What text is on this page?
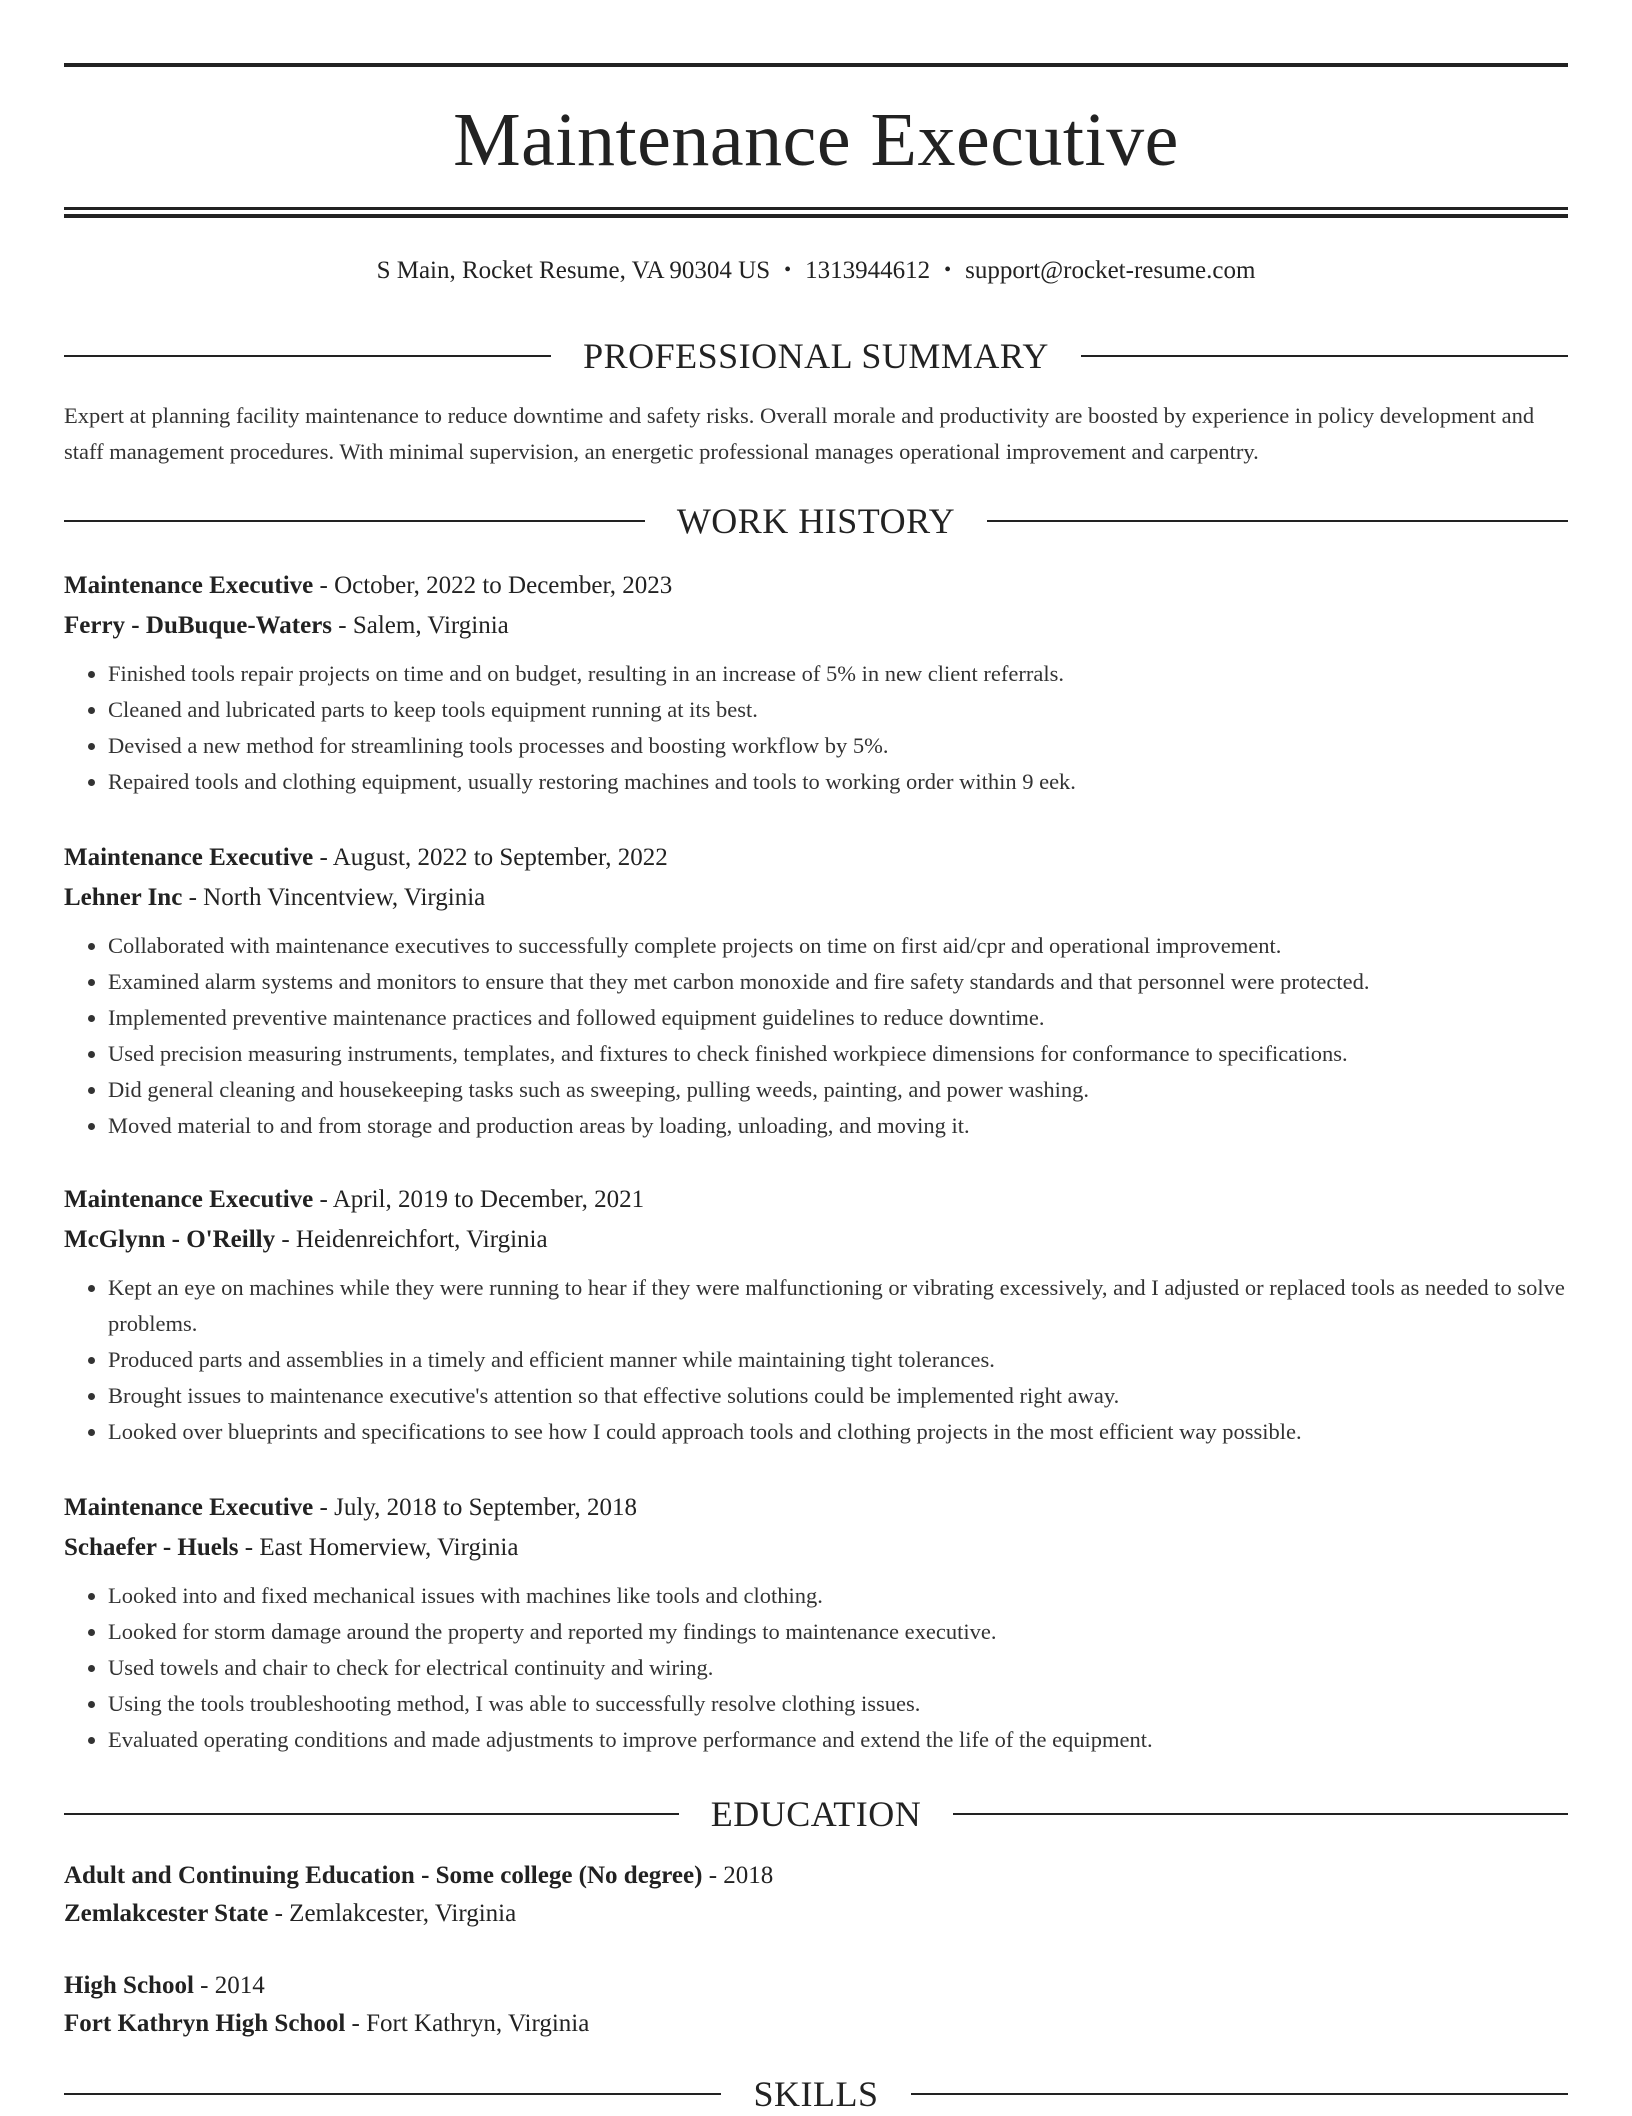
Maintenance Executive
S Main, Rocket Resume, VA 90304 US • 1313944612 • support@rocket-resume.com
PROFESSIONAL SUMMARY
Expert at planning facility maintenance to reduce downtime and safety risks. Overall morale and productivity are boosted by experience in policy development and staff management procedures. With minimal supervision, an energetic professional manages operational improvement and carpentry.
WORK HISTORY
Maintenance Executive - October, 2022 to December, 2023
Ferry - DuBuque-Waters - Salem, Virginia
• Finished tools repair projects on time and on budget, resulting in an increase of 5% in new client referrals.
• Cleaned and lubricated parts to keep tools equipment running at its best.
• Devised a new method for streamlining tools processes and boosting workflow by 5%.
• Repaired tools and clothing equipment, usually restoring machines and tools to working order within 9 eek.
Maintenance Executive - August, 2022 to September, 2022
Lehner Inc - North Vincentview, Virginia
• Collaborated with maintenance executives to successfully complete projects on time on first aid/cpr and operational improvement.
• Examined alarm systems and monitors to ensure that they met carbon monoxide and fire safety standards and that personnel were protected.
• Implemented preventive maintenance practices and followed equipment guidelines to reduce downtime.
• Used precision measuring instruments, templates, and fixtures to check finished workpiece dimensions for conformance to specifications.
• Did general cleaning and housekeeping tasks such as sweeping, pulling weeds, painting, and power washing.
• Moved material to and from storage and production areas by loading, unloading, and moving it.
Maintenance Executive - April, 2019 to December, 2021
McGlynn - O'Reilly - Heidenreichfort, Virginia
• Kept an eye on machines while they were running to hear if they were malfunctioning or vibrating excessively, and I adjusted or replaced tools as needed to solve problems.
• Produced parts and assemblies in a timely and efficient manner while maintaining tight tolerances.
• Brought issues to maintenance executive's attention so that effective solutions could be implemented right away.
• Looked over blueprints and specifications to see how I could approach tools and clothing projects in the most efficient way possible.
Maintenance Executive - July, 2018 to September, 2018
Schaefer - Huels - East Homerview, Virginia
• Looked into and fixed mechanical issues with machines like tools and clothing.
• Looked for storm damage around the property and reported my findings to maintenance executive.
• Used towels and chair to check for electrical continuity and wiring.
• Using the tools troubleshooting method, I was able to successfully resolve clothing issues.
• Evaluated operating conditions and made adjustments to improve performance and extend the life of the equipment.
EDUCATION
Adult and Continuing Education - Some college (No degree) - 2018
Zemlakcester State - Zemlakcester, Virginia
High School - 2014
Fort Kathryn High School - Fort Kathryn, Virginia
SKILLS
